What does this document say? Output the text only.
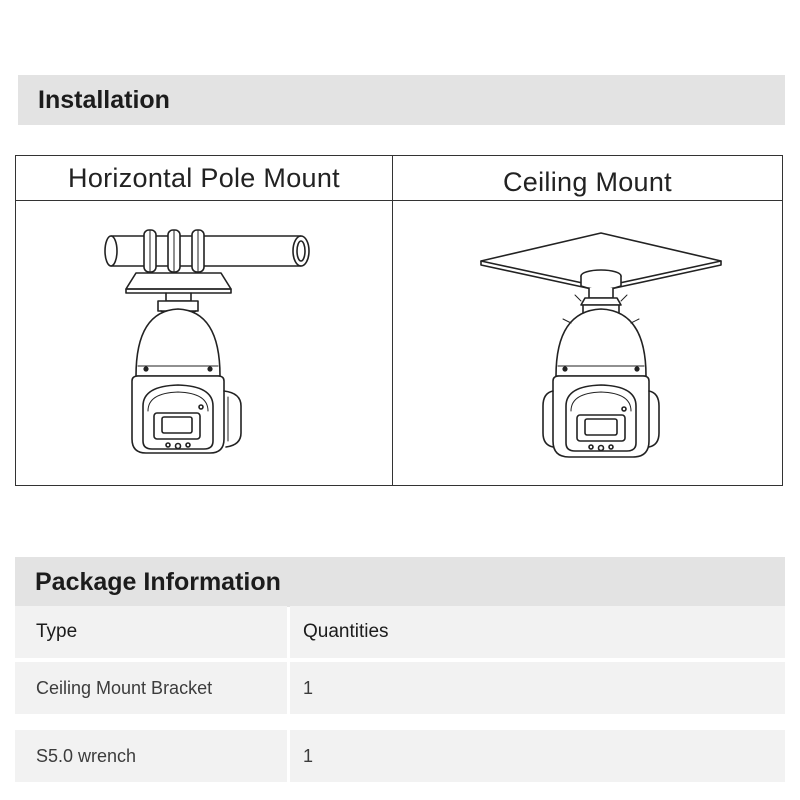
Installation
Horizontal Pole Mount	Ceiling Mount
Package Information
Type	Quantities
Ceiling Mount Bracket	1
S5.0 wrench	1
